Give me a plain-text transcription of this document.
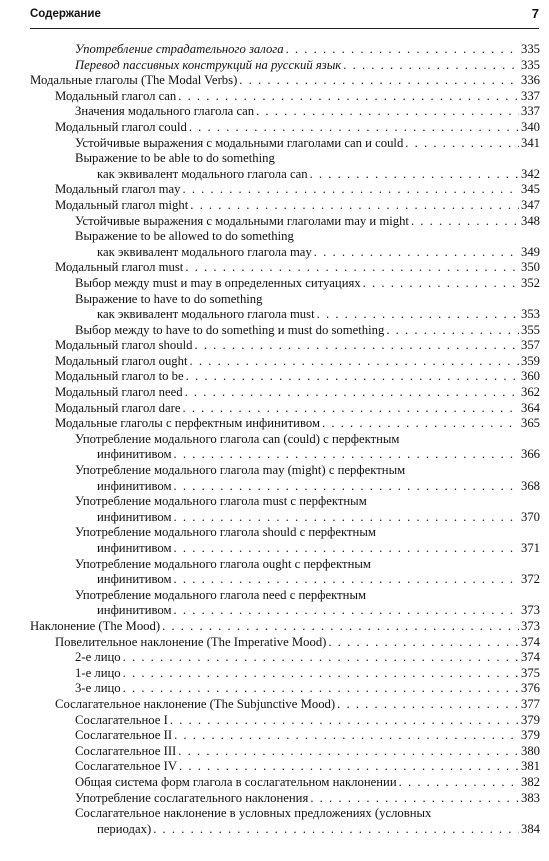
Содержание	7
Употребление страдательного залога . . .	335
Перевод пассивных конструкций на русский язык . . .	335
Модальные глаголы (The Modal Verbs) . . .	336
Модальный глагол can . . .	337
Значения модального глагола can . . .	337
Модальный глагол could . . .	340
Устойчивые выражения с модальными глаголами can и could . . .	341
Выражение to be able to do something
как эквивалент модального глагола can . . .	342
Модальный глагол may . . .	345
Модальный глагол might . . .	347
Устойчивые выражения с модальными глаголами may и might . . .	348
Выражение to be allowed to do something
как эквивалент модального глагола may . . .	349
Модальный глагол must . . .	350
Выбор между must и may в определенных ситуациях . . .	352
Выражение to have to do something
как эквивалент модального глагола must . . .	353
Выбор между to have to do something и must do something . . .	355
Модальный глагол should . . .	357
Модальный глагол ought . . .	359
Модальный глагол to be . . .	360
Модальный глагол need . . .	362
Модальный глагол dare . . .	364
Модальные глаголы с перфектным инфинитивом . . .	365
Употребление модального глагола can (could) с перфектным
инфинитивом . . .	366
Употребление модального глагола may (might) с перфектным
инфинитивом . . .	368
Употребление модального глагола must с перфектным
инфинитивом . . .	370
Употребление модального глагола should с перфектным
инфинитивом . . .	371
Употребление модального глагола ought с перфектным
инфинитивом . . .	372
Употребление модального глагола need с перфектным
инфинитивом . . .	373
Наклонение (The Mood) . . .	373
Повелительное наклонение (The Imperative Mood) . . .	374
2-е лицо . . .	374
1-е лицо . . .	375
3-е лицо . . .	376
Сослагательное наклонение (The Subjunctive Mood) . . .	377
Сослагательное I . . .	379
Сослагательное II . . .	379
Сослагательное III . . .	380
Сослагательное IV . . .	381
Общая система форм глагола в сослагательном наклонении . . .	382
Употребление сослагательного наклонения . . .	383
Сослагательное наклонение в условных предложениях (условных
периодах) . . .	384
